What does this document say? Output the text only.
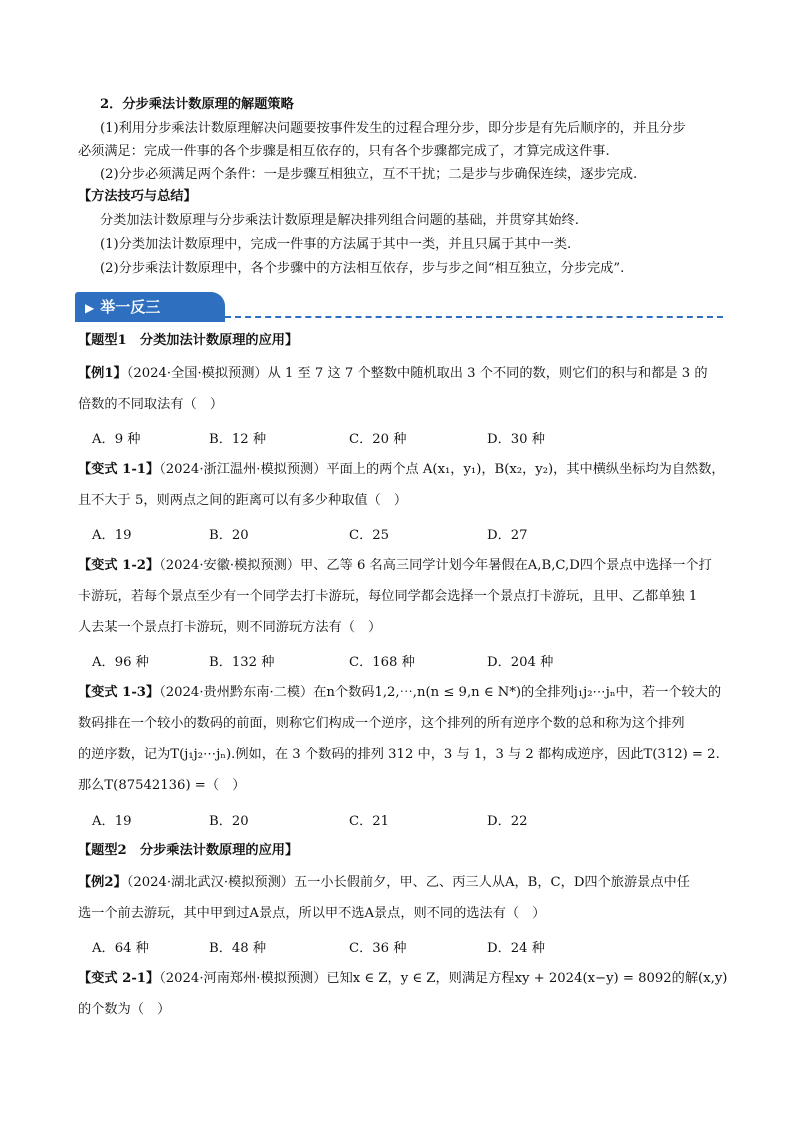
2．分步乘法计数原理的解题策略
(1)利用分步乘法计数原理解决问题要按事件发生的过程合理分步，即分步是有先后顺序的，并且分步
必须满足：完成一件事的各个步骤是相互依存的，只有各个步骤都完成了，才算完成这件事.
(2)分步必须满足两个条件：一是步骤互相独立，互不干扰；二是步与步确保连续，逐步完成.
【方法技巧与总结】
分类加法计数原理与分步乘法计数原理是解决排列组合问题的基础，并贯穿其始终.
(1)分类加法计数原理中，完成一件事的方法属于其中一类，并且只属于其中一类.
(2)分步乘法计数原理中，各个步骤中的方法相互依存，步与步之间“相互独立，分步完成”.
▶ 举一反三
【题型1　分类加法计数原理的应用】
【例1】（2024·全国·模拟预测）从 1 至 7 这 7 个整数中随机取出 3 个不同的数，则它们的积与和都是 3 的
倍数的不同取法有（　）
A．9 种	B．12 种	C．20 种	D．30 种
【变式 1-1】（2024·浙江温州·模拟预测）平面上的两个点 A(x₁，y₁)，B(x₂，y₂)，其中横纵坐标均为自然数，
且不大于 5，则两点之间的距离可以有多少种取值（　）
A．19	B．20	C．25	D．27
【变式 1-2】（2024·安徽·模拟预测）甲、乙等 6 名高三同学计划今年暑假在A,B,C,D四个景点中选择一个打
卡游玩，若每个景点至少有一个同学去打卡游玩，每位同学都会选择一个景点打卡游玩，且甲、乙都单独 1
人去某一个景点打卡游玩，则不同游玩方法有（　）
A．96 种	B．132 种	C．168 种	D．204 种
【变式 1-3】（2024·贵州黔东南·二模）在n个数码1,2,⋯,n(n ≤ 9,n ∈ N*)的全排列j₁j₂⋯jₙ中，若一个较大的
数码排在一个较小的数码的前面，则称它们构成一个逆序，这个排列的所有逆序个数的总和称为这个排列
的逆序数，记为T(j₁j₂⋯jₙ).例如，在 3 个数码的排列 312 中，3 与 1，3 与 2 都构成逆序，因此T(312) = 2.
那么T(87542136) =（　）
A．19	B．20	C．21	D．22
【题型2　分步乘法计数原理的应用】
【例2】（2024·湖北武汉·模拟预测）五一小长假前夕，甲、乙、丙三人从A，B，C，D四个旅游景点中任
选一个前去游玩，其中甲到过A景点，所以甲不选A景点，则不同的选法有（　）
A．64 种	B．48 种	C．36 种	D．24 种
【变式 2-1】（2024·河南郑州·模拟预测）已知x ∈ Z，y ∈ Z，则满足方程xy + 2024(x−y) = 8092的解(x,y)
的个数为（　）
